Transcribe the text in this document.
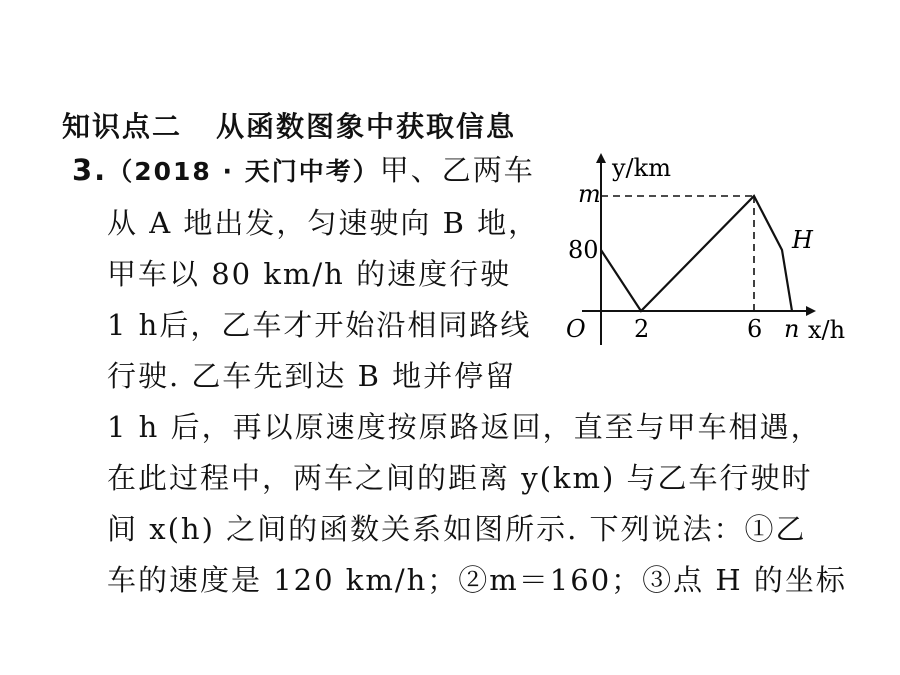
知识点二 从函数图象中获取信息
3.（2018 · 天门中考）甲、乙两车
从 A 地出发，匀速驶向 B 地，
甲车以 80 km/h 的速度行驶
1 h后，乙车才开始沿相同路线
行驶. 乙车先到达 B 地并停留
1 h 后，再以原速度按原路返回，直至与甲车相遇，
在此过程中，两车之间的距离 y(km) 与乙车行驶时
间 x(h) 之间的函数关系如图所示. 下列说法：①乙
车的速度是 120 km/h；②m＝160；③点 H 的坐标
y/km
x/h
O
80
m
2	6 n
H
